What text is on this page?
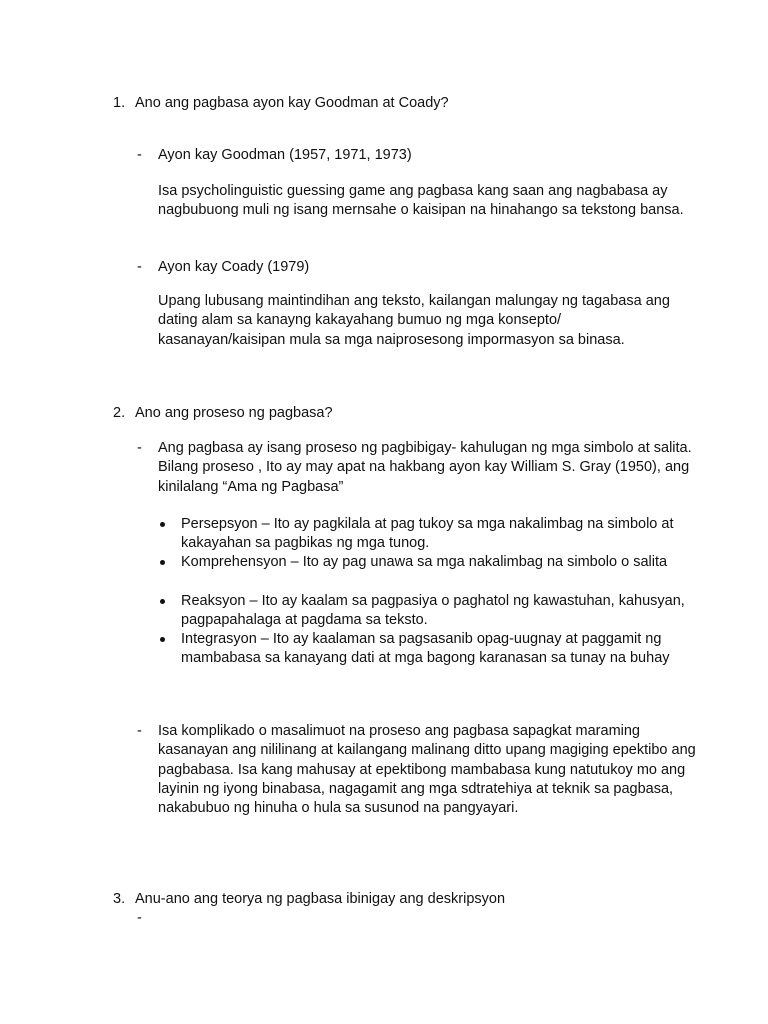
1. Ano ang pagbasa ayon kay Goodman at Coady?
- Ayon kay Goodman (1957, 1971, 1973)
Isa psycholinguistic guessing game ang pagbasa kang saan ang nagbabasa ay nagbubuong muli ng isang mernsahe o kaisipan na hinahango sa tekstong bansa.
- Ayon kay Coady (1979)
Upang lubusang maintindihan ang teksto, kailangan malungay ng tagabasa ang dating alam sa kanayng kakayahang bumuo ng mga konsepto/ kasanayan/kaisipan mula sa mga naiprosesong impormasyon sa binasa.
2. Ano ang proseso ng pagbasa?
- Ang pagbasa ay isang proseso ng pagbibigay- kahulugan ng mga simbolo at salita. Bilang proseso , Ito ay may apat na hakbang ayon kay William S. Gray (1950), ang kinilalang “Ama ng Pagbasa”
Persepsyon – Ito ay pagkilala at pag tukoy sa mga nakalimbag na simbolo at kakayahan sa pagbikas ng mga tunog.
Komprehensyon – Ito ay pag unawa sa mga nakalimbag na simbolo o salita
Reaksyon – Ito ay kaalam sa pagpasiya o paghatol ng kawastuhan, kahusyan, pagpapahalaga at pagdama sa teksto.
Integrasyon – Ito ay kaalaman sa pagsasanib opag-uugnay at paggamit ng mambabasa sa kanayang dati at mga bagong karanasan sa tunay na buhay
- Isa komplikado o masalimuot na proseso ang pagbasa sapagkat maraming kasanayan ang nililinang at kailangang malinang ditto upang magiging epektibo ang pagbabasa. Isa kang mahusay at epektibong mambabasa kung natutukoy mo ang layinin ng iyong binabasa, nagagamit ang mga sdtratehiya at teknik sa pagbasa, nakabubuo ng hinuha o hula sa susunod na pangyayari.
3. Anu-ano ang teorya ng pagbasa ibinigay ang deskripsyon
-
